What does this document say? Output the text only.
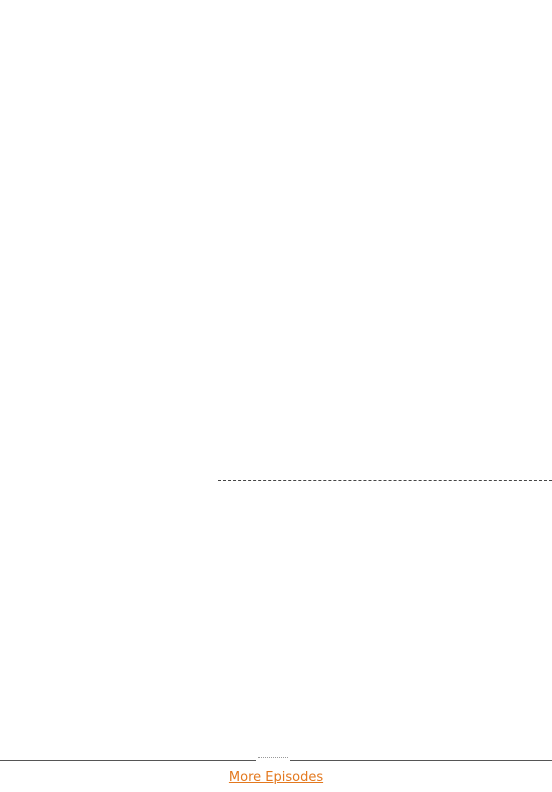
More Episodes
